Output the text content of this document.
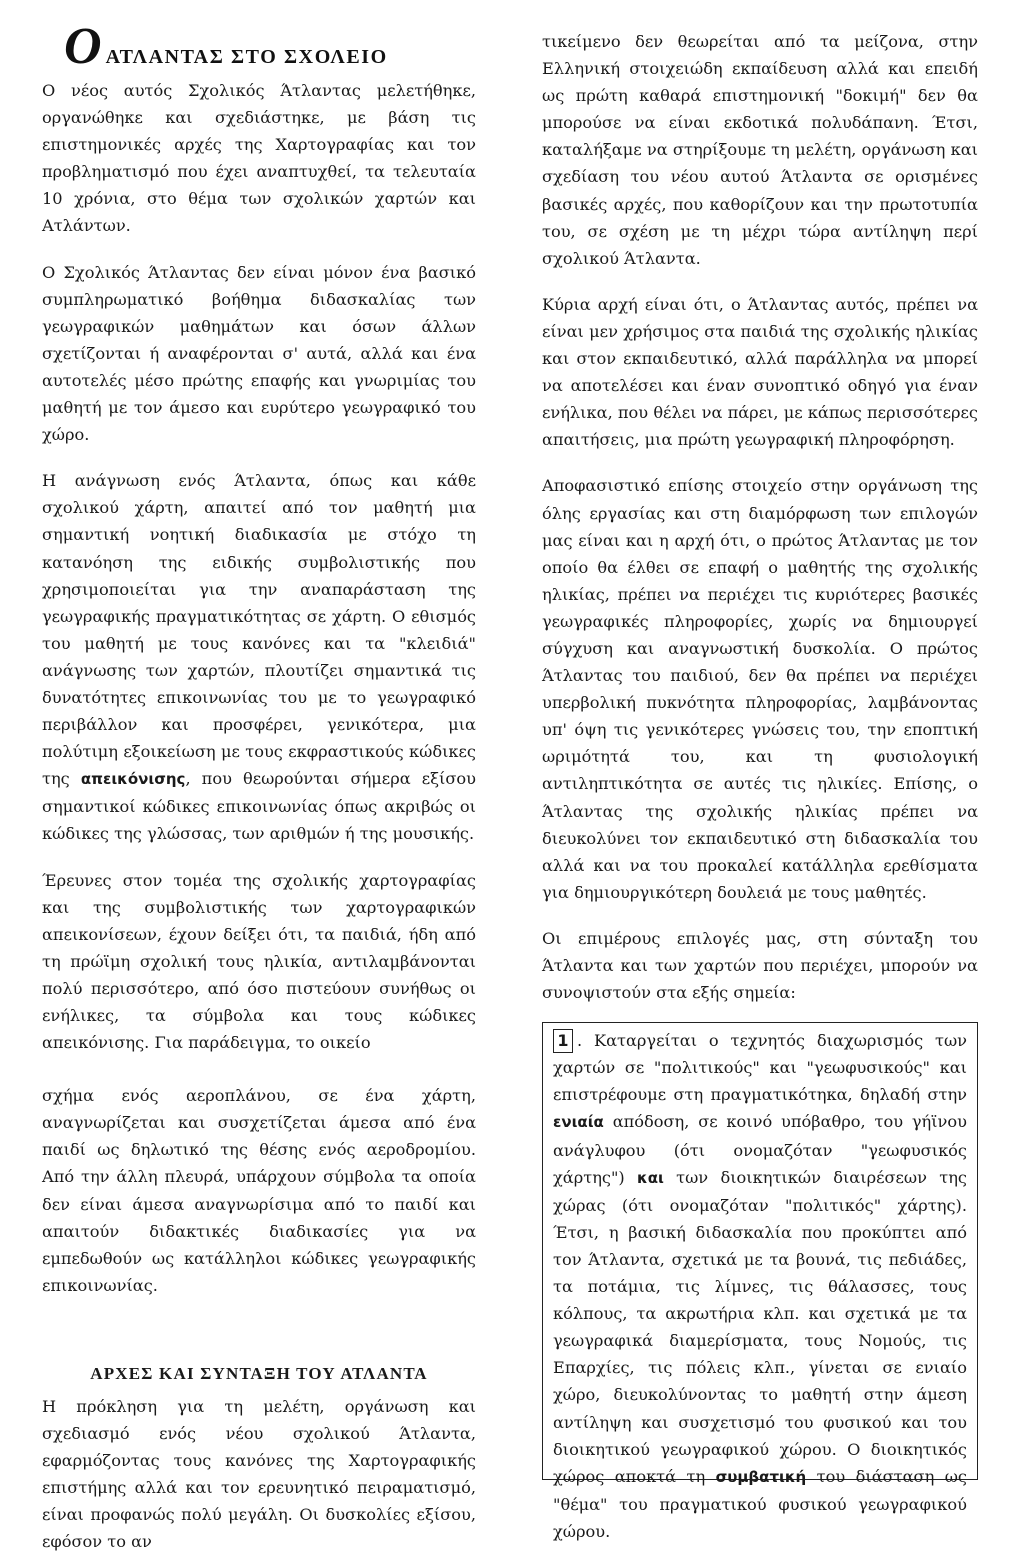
OΑΤΛΑΝΤΑΣ ΣΤΟ ΣΧΟΛΕΙΟ

Ο νέος αυτός Σχολικός Άτλαντας μελετήθηκε, οργανώθηκε και σχεδιάστηκε, με βάση τις επιστημονικές αρχές της Χαρτογραφίας και τον προβληματισμό που έχει αναπτυχθεί, τα τελευταία 10 χρόνια, στο θέμα των σχολικών χαρτών και Ατλάντων.

Ο Σχολικός Άτλαντας δεν είναι μόνον ένα βασικό συμπληρωματικό βοήθημα διδασκαλίας των γεωγραφικών μαθημάτων και όσων άλλων σχετίζονται ή αναφέρονται σ' αυτά, αλλά και ένα αυτοτελές μέσο πρώτης επαφής και γνωριμίας του μαθητή με τον άμεσο και ευρύτερο γεωγραφικό του χώρο.

Η ανάγνωση ενός Άτλαντα, όπως και κάθε σχολικού χάρτη, απαιτεί από τον μαθητή μια σημαντική νοητική διαδικασία με στόχο τη κατανόηση της ειδικής συμβολιστικής που χρησιμοποιείται για την αναπαράσταση της γεωγραφικής πραγματικότητας σε χάρτη. Ο εθισμός του μαθητή με τους κανόνες και τα "κλειδιά" ανάγνωσης των χαρτών, πλουτίζει σημαντικά τις δυνατότητες επικοινωνίας του με το γεωγραφικό περιβάλλον και προσφέρει, γενικότερα, μια πολύτιμη εξοικείωση με τους εκφραστικούς κώδικες της απεικόνισης, που θεωρούνται σήμερα εξίσου σημαντικοί κώδικες επικοινωνίας όπως ακριβώς οι κώδικες της γλώσσας, των αριθμών ή της μουσικής.

Έρευνες στον τομέα της σχολικής χαρτογραφίας και της συμβολιστικής των χαρτογραφικών απεικονίσεων, έχουν δείξει ότι, τα παιδιά, ήδη από τη πρώϊμη σχολική τους ηλικία, αντιλαμβάνονται πολύ περισσότερο, από όσο πιστεύουν συνήθως οι ενήλικες, τα σύμβολα και τους κώδικες απεικόνισης. Για παράδειγμα, το οικείο

σχήμα ενός αεροπλάνου, σε ένα χάρτη, αναγνωρίζεται και συσχετίζεται άμεσα από ένα παιδί ως δηλωτικό της θέσης ενός αεροδρομίου. Από την άλλη πλευρά, υπάρχουν σύμβολα τα οποία δεν είναι άμεσα αναγνωρίσιμα από το παιδί και απαιτούν διδακτικές διαδικασίες για να εμπεδωθούν ως κατάλληλοι κώδικες γεωγραφικής επικοινωνίας.

ΑΡΧΕΣ ΚΑΙ ΣΥΝΤΑΞΗ ΤΟΥ ΑΤΛΑΝΤΑ

Η πρόκληση για τη μελέτη, οργάνωση και σχεδιασμό ενός νέου σχολικού Άτλαντα, εφαρμόζοντας τους κανόνες της Χαρτογραφικής επιστήμης αλλά και τον ερευνητικό πειραματισμό, είναι προφανώς πολύ μεγάλη. Οι δυσκολίες εξίσου, εφόσον το αν

τικείμενο δεν θεωρείται από τα μείζονα, στην Ελληνική στοιχειώδη εκπαίδευση αλλά και επειδή ως πρώτη καθαρά επιστημονική "δοκιμή" δεν θα μπορούσε να είναι εκδοτικά πολυδάπανη. Έτσι, καταλήξαμε να στηρίξουμε τη μελέτη, οργάνωση και σχεδίαση του νέου αυτού Άτλαντα σε ορισμένες βασικές αρχές, που καθορίζουν και την πρωτοτυπία του, σε σχέση με τη μέχρι τώρα αντίληψη περί σχολικού Άτλαντα.

Κύρια αρχή είναι ότι, ο Άτλαντας αυτός, πρέπει να είναι μεν χρήσιμος στα παιδιά της σχολικής ηλικίας και στον εκπαιδευτικό, αλλά παράλληλα να μπορεί να αποτελέσει και έναν συνοπτικό οδηγό για έναν ενήλικα, που θέλει να πάρει, με κάπως περισσότερες απαιτήσεις, μια πρώτη γεωγραφική πληροφόρηση.

Αποφασιστικό επίσης στοιχείο στην οργάνωση της όλης εργασίας και στη διαμόρφωση των επιλογών μας είναι και η αρχή ότι, ο πρώτος Άτλαντας με τον οποίο θα έλθει σε επαφή ο μαθητής της σχολικής ηλικίας, πρέπει να περιέχει τις κυριότερες βασικές γεωγραφικές πληροφορίες, χωρίς να δημιουργεί σύγχυση και αναγνωστική δυσκολία. Ο πρώτος Άτλαντας του παιδιού, δεν θα πρέπει να περιέχει υπερβολική πυκνότητα πληροφορίας, λαμβάνοντας υπ' όψη τις γενικότερες γνώσεις του, την εποπτική ωριμότητά του, και τη φυσιολογική αντιληπτικότητα σε αυτές τις ηλικίες. Επίσης, ο Άτλαντας της σχολικής ηλικίας πρέπει να διευκολύνει τον εκπαιδευτικό στη διδασκαλία του αλλά και να του προκαλεί κατάλληλα ερεθίσματα για δημιουργικότερη δουλειά με τους μαθητές.

Οι επιμέρους επιλογές μας, στη σύνταξη του Άτλαντα και των χαρτών που περιέχει, μπορούν να συνοψιστούν στα εξής σημεία:

1 . Καταργείται ο τεχνητός διαχωρισμός των χαρτών σε "πολιτικούς" και "γεωφυσικούς" και επιστρέφουμε στη πραγματικότηκα, δηλαδή στην ενιαία απόδοση, σε κοινό υπόβαθρο, του γήϊνου ανάγλυφου (ότι ονομαζόταν "γεωφυσικός χάρτης") και των διοικητικών διαιρέσεων της χώρας (ότι ονομαζόταν "πολιτικός" χάρτης). Έτσι, η βασική διδασκαλία που προκύπτει από τον Άτλαντα, σχετικά με τα βουνά, τις πεδιάδες, τα ποτάμια, τις λίμνες, τις θάλασσες, τους κόλπους, τα ακρωτήρια κλπ. και σχετικά με τα γεωγραφικά διαμερίσματα, τους Νομούς, τις Επαρχίες, τις πόλεις κλπ., γίνεται σε ενιαίο χώρο, διευκολύνοντας το μαθητή στην άμεση αντίληψη και συσχετισμό του φυσικού και του διοικητικού γεωγραφικού χώρου. Ο διοικητικός χώρος αποκτά τη συμβατική του διάσταση ως "θέμα" του πραγματικού φυσικού γεωγραφικού χώρου.
